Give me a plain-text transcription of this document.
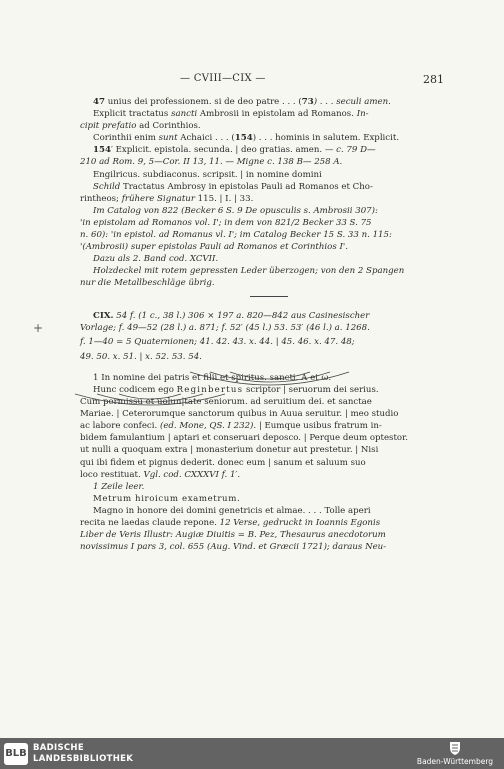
— CVIII—CIX —	281

47 unius dei professionem. si de deo patre . . . (73) . . . seculi amen.

Explicit tractatus sancti Ambrosii in epistolam ad Romanos. In-

cipit prefatio ad Corinthios.

Corinthii enim sunt Achaici . . . (154) . . . hominis in salutem. Explicit.

154′ Explicit. epistola. secunda. | deo gratias. amen. — c. 79 D—

210 ad Rom. 9, 5—Cor. II 13, 11. — Migne c. 138 B— 258 A.

Engilricus. subdiaconus. scripsit. | in nomine domini

Schild Tractatus Ambrosy in epistolas Pauli ad Romanos et Cho-

rintheos; frühere Signatur 115. | I. | 33.

Im Catalog von 822 (Becker 6 S. 9 De opusculis s. Ambrosii 307):

'in epistolam ad Romanos vol. I'; in dem von 821/2 Becker 33 S. 75

n. 60): 'in epistol. ad Romanus vl. I'; im Catalog Becker 15 S. 33 n. 115:

'(Ambrosii) super epistolas Pauli ad Romanos et Corinthios I'.

Dazu als 2. Band cod. XCVII.

Holzdeckel mit rotem gepressten Leder überzogen; von den 2 Spangen

nur die Metallbeschläge übrig.

CIX. 54 f. (1 c., 38 l.) 306 × 197 a. 820—842 aus Casinesischer

Vorlage; f. 49—52 (28 l.) a. 871; f. 52′ (45 l.) 53. 53′ (46 l.) a. 1268.

f. 1—40 = 5 Quaternionen; 41. 42. 43. x. 44. | 45. 46. x. 47. 48;

49. 50. x. 51. | x. 52. 53. 54.

1 In nomine dei patris et filii et spiritus. sancti. A et ω.

Hunc codicem ego Reginbertus scriptor | seruorum dei serius.

Cum permissu et uolun|tate seniorum. ad seruitium dei. et sanctae

Mariae. | Ceterorumque sanctorum quibus in Auua seruitur. | meo studio

ac labore confeci. (ed. Mone, QS. I 232). | Eumque usibus fratrum in-

bidem famulantium | aptari et conseruari deposco. | Perque deum optestor.

ut nulli a quoquam extra | monasterium donetur aut prestetur. | Nisi

qui ibi fidem et pignus dederit. donec eum | sanum et saluum suo

loco restituat. Vgl. cod. CXXXVI f. 1′.

1 Zeile leer.

Metrum hiroicum exametrum.

Magno in honore dei domini genetricis et almae. . . . Tolle aperi

recita ne laedas claude repone. 12 Verse, gedruckt in Ioannis Egonis

Liber de Veris Illustr: Augiæ Diuitis = B. Pez, Thesaurus anecdotorum

novissimus I pars 3, col. 655 (Aug. Vind. et Græcii 1721); daraus Neu-

+
BLB BADISCHE
LANDESBIBLIOTHEK	Baden-Württemberg
